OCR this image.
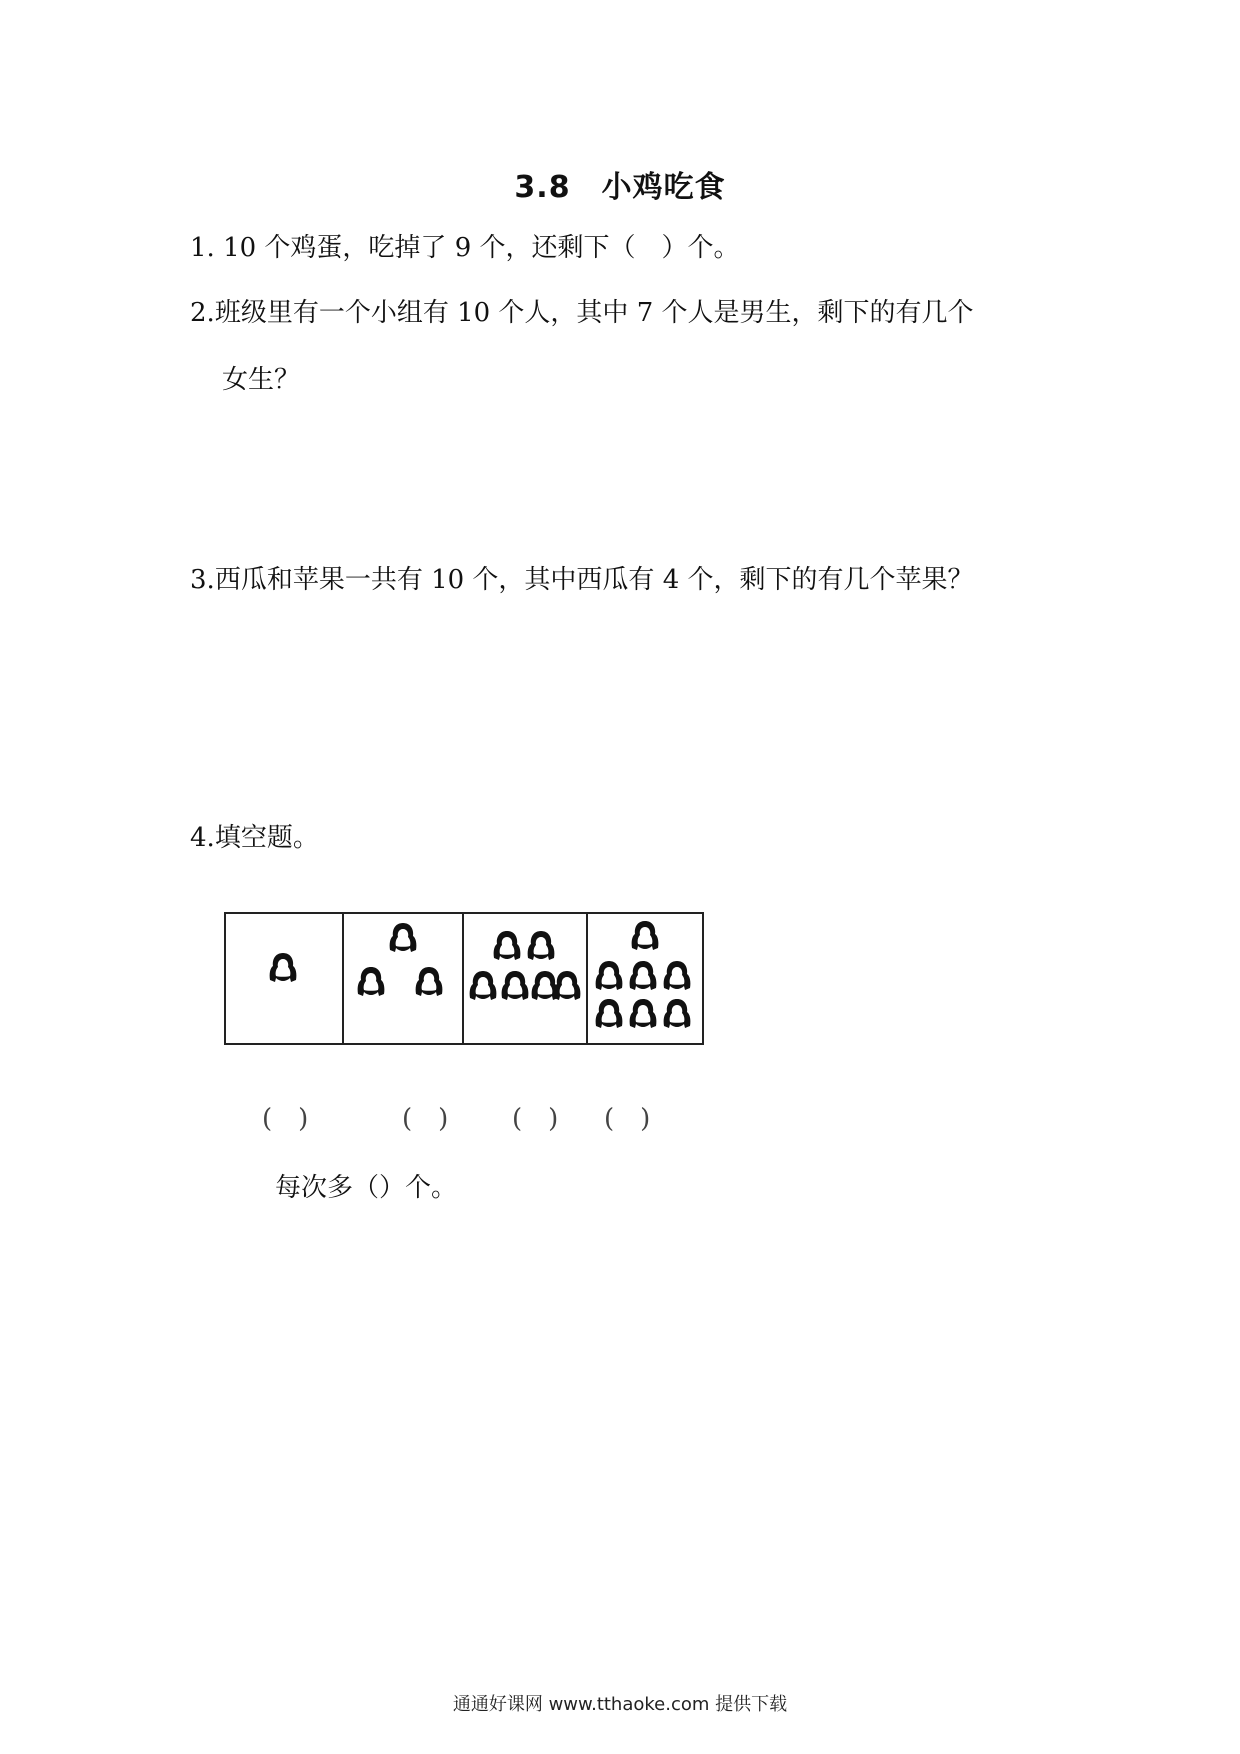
3.8　小鸡吃食
1. 10 个鸡蛋，吃掉了 9 个，还剩下（　）个。
2.班级里有一个小组有 10 个人，其中 7 个人是男生，剩下的有几个
女生？
3.西瓜和苹果一共有 10 个，其中西瓜有 4 个，剩下的有几个苹果？
4.填空题。
(　)	(　) (　) (　)
每次多（）个。
通通好课网 www.tthaoke.com 提供下载
